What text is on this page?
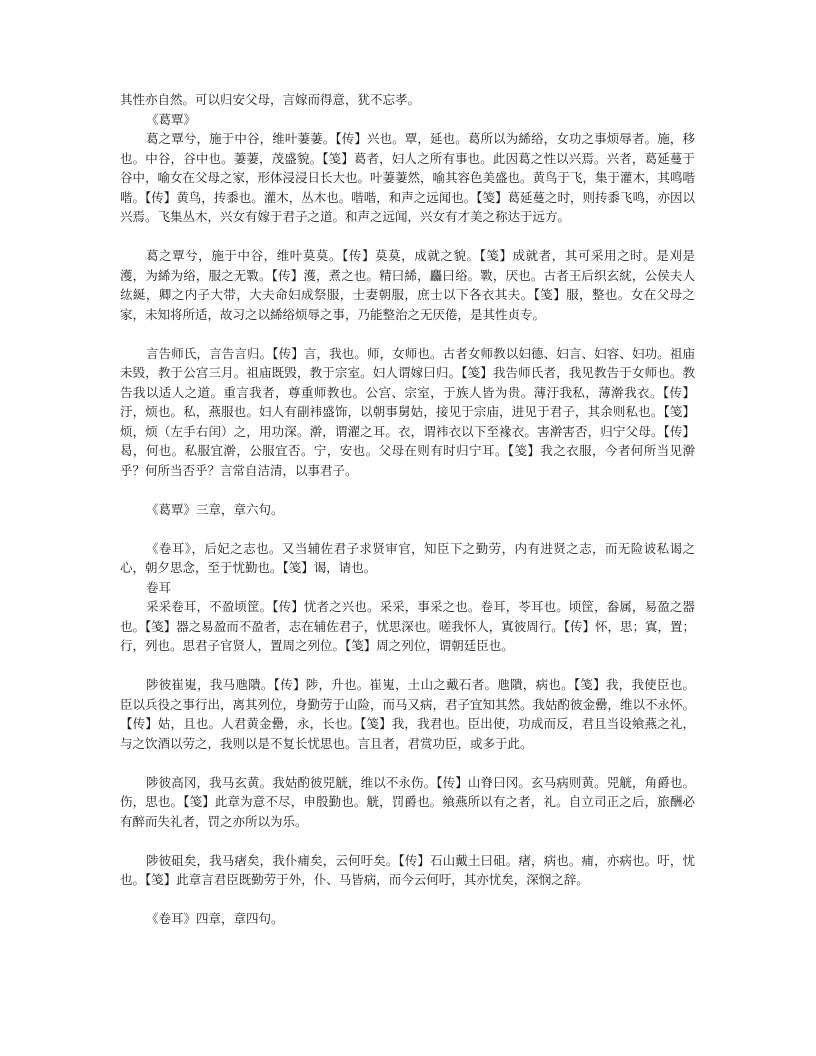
其性亦自然。可以归安父母，言嫁而得意，犹不忘孝。

《葛覃》

葛之覃兮，施于中谷，维叶萋萋。【传】兴也。覃，延也。葛所以为絺绤，女功之事烦辱者。施，移也。中谷，谷中也。萋萋，茂盛貌。【笺】葛者，妇人之所有事也。此因葛之性以兴焉。兴者，葛延蔓于谷中，喻女在父母之家，形体浸浸日长大也。叶萋萋然，喻其容色美盛也。黄鸟于飞，集于灌木，其鸣喈喈。【传】黄鸟，抟黍也。灌木，丛木也。喈喈，和声之远闻也。【笺】葛延蔓之时，则抟黍飞鸣，亦因以兴焉。飞集丛木，兴女有嫁于君子之道。和声之远闻，兴女有才美之称达于远方。

葛之覃兮，施于中谷，维叶莫莫。【传】莫莫，成就之貌。【笺】成就者，其可采用之时。是刈是濩，为絺为绤，服之无斁。【传】濩，煮之也。精曰絺，麤曰绤。斁，厌也。古者王后织玄紞，公侯夫人纮綖，卿之内子大带，大夫命妇成祭服，士妻朝服，庶士以下各衣其夫。【笺】服，整也。女在父母之家，未知将所适，故习之以絺绤烦辱之事，乃能整治之无厌倦，是其性贞专。

言告师氏，言告言归。【传】言，我也。师，女师也。古者女师教以妇德、妇言、妇容、妇功。祖庙未毁，教于公宫三月。祖庙既毁，教于宗室。妇人谓嫁曰归。【笺】我告师氏者，我见教告于女师也。教告我以适人之道。重言我者，尊重师教也。公宫、宗室，于族人皆为贵。薄汙我私，薄澣我衣。【传】汙，烦也。私，燕服也。妇人有副袆盛饰，以朝事舅姑，接见于宗庙，进见于君子，其余则私也。【笺】烦，烦（左手右闰）之，用功深。澣，谓濯之耳。衣，谓袆衣以下至褖衣。害澣害否，归宁父母。【传】曷，何也。私服宜澣，公服宜否。宁，安也。父母在则有时归宁耳。【笺】我之衣服，今者何所当见澣乎？何所当否乎？言常自洁清，以事君子。

《葛覃》三章，章六句。

《卷耳》，后妃之志也。又当辅佐君子求贤审官，知臣下之勤劳，内有进贤之志，而无险诐私谒之心，朝夕思念，至于忧勤也。【笺】谒，请也。

卷耳

采采卷耳，不盈顷筐。【传】忧者之兴也。采采，事采之也。卷耳，苓耳也。顷筐，畚属，易盈之器也。【笺】器之易盈而不盈者，志在辅佐君子，忧思深也。嗟我怀人，寘彼周行。【传】怀，思；寘，置；行，列也。思君子官贤人，置周之列位。【笺】周之列位，谓朝廷臣也。

陟彼崔嵬，我马虺隤。【传】陟，升也。崔嵬，土山之戴石者。虺隤，病也。【笺】我，我使臣也。臣以兵役之事行出，离其列位，身勤劳于山险，而马又病，君子宜知其然。我姑酌彼金罍，维以不永怀。【传】姑，且也。人君黄金罍，永，长也。【笺】我，我君也。臣出使，功成而反，君且当设飨燕之礼，与之饮酒以劳之，我则以是不复长忧思也。言且者，君赏功臣，或多于此。

陟彼高冈，我马玄黄。我姑酌彼兕觥，维以不永伤。【传】山脊曰冈。玄马病则黄。兕觥，角爵也。伤，思也。【笺】此章为意不尽，申殷勤也。觥，罚爵也。飨燕所以有之者，礼。自立司正之后，旅酬必有醉而失礼者，罚之亦所以为乐。

陟彼砠矣，我马瘏矣，我仆痡矣，云何吁矣。【传】石山戴土曰砠。瘏，病也。痡，亦病也。吁，忧也。【笺】此章言君臣既勤劳于外，仆、马皆病，而今云何吁，其亦忧矣，深悯之辞。

《卷耳》四章，章四句。
